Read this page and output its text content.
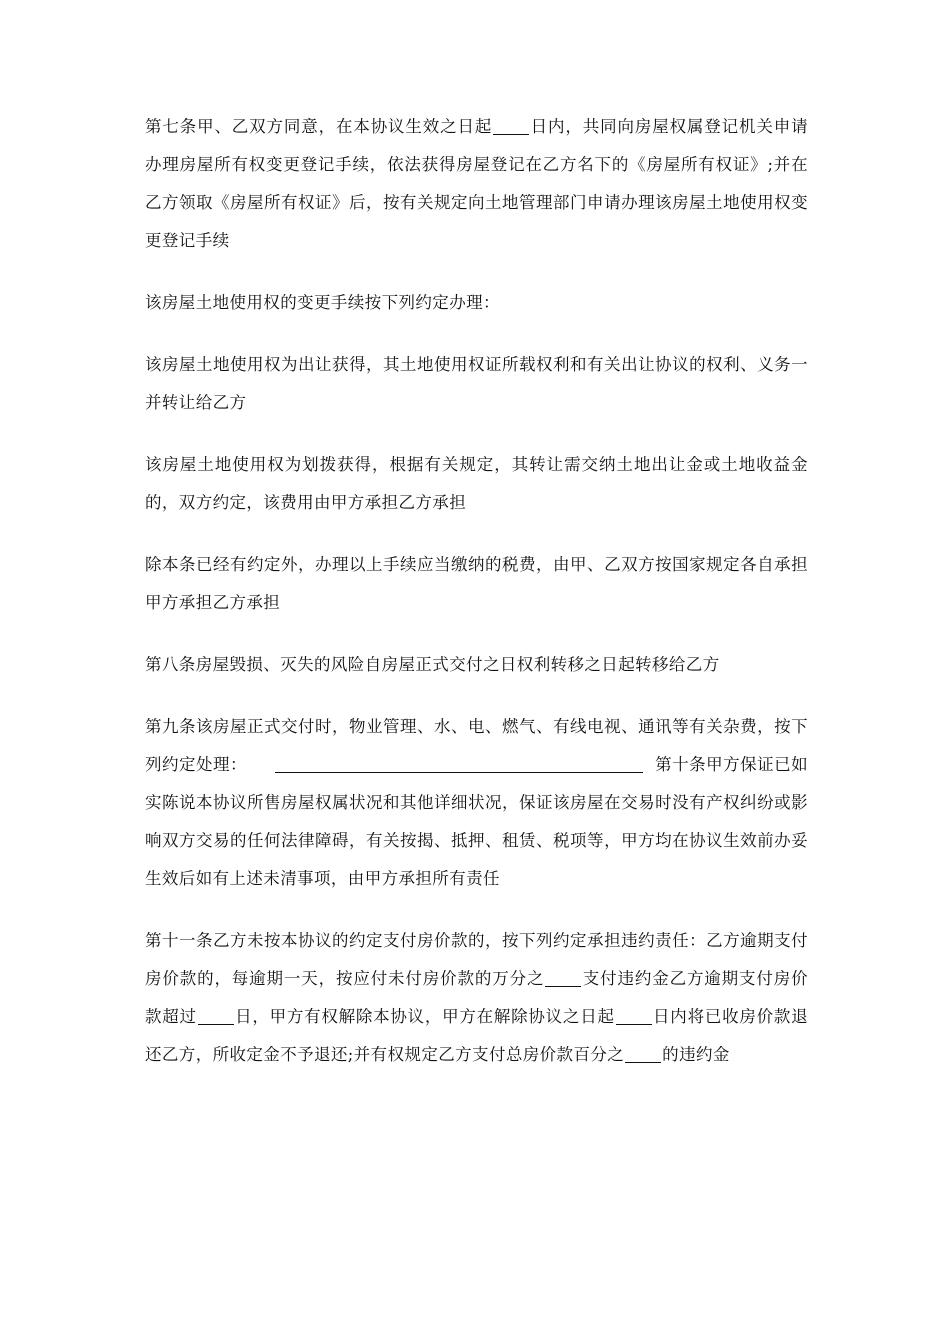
第七条甲、乙双方同意，在本协议生效之日起 日内，共同向房屋权属登记机关申请办理房屋所有权变更登记手续，依法获得房屋登记在乙方名下的《房屋所有权证》;并在乙方领取《房屋所有权证》后，按有关规定向土地管理部门申请办理该房屋土地使用权变更登记手续

该房屋土地使用权的变更手续按下列约定办理：

该房屋土地使用权为出让获得，其土地使用权证所载权利和有关出让协议的权利、义务一并转让给乙方

该房屋土地使用权为划拨获得，根据有关规定，其转让需交纳土地出让金或土地收益金的，双方约定，该费用由甲方承担乙方承担

除本条已经有约定外，办理以上手续应当缴纳的税费，由甲、乙双方按国家规定各自承担甲方承担乙方承担

第八条房屋毁损、灭失的风险自房屋正式交付之日权利转移之日起转移给乙方

第九条该房屋正式交付时，物业管理、水、电、燃气、有线电视、通讯等有关杂费，按下列约定处理：	第十条甲方保证已如实陈说本协议所售房屋权属状况和其他详细状况，保证该房屋在交易时没有产权纠纷或影响双方交易的任何法律障碍，有关按揭、抵押、租赁、税项等，甲方均在协议生效前办妥生效后如有上述未清事项，由甲方承担所有责任

第十一条乙方未按本协议的约定支付房价款的，按下列约定承担违约责任：乙方逾期支付房价款的，每逾期一天，按应付未付房价款的万分之 支付违约金乙方逾期支付房价款超过 日，甲方有权解除本协议，甲方在解除协议之日起 日内将已收房价款退还乙方，所收定金不予退还;并有权规定乙方支付总房价款百分之 的违约金
